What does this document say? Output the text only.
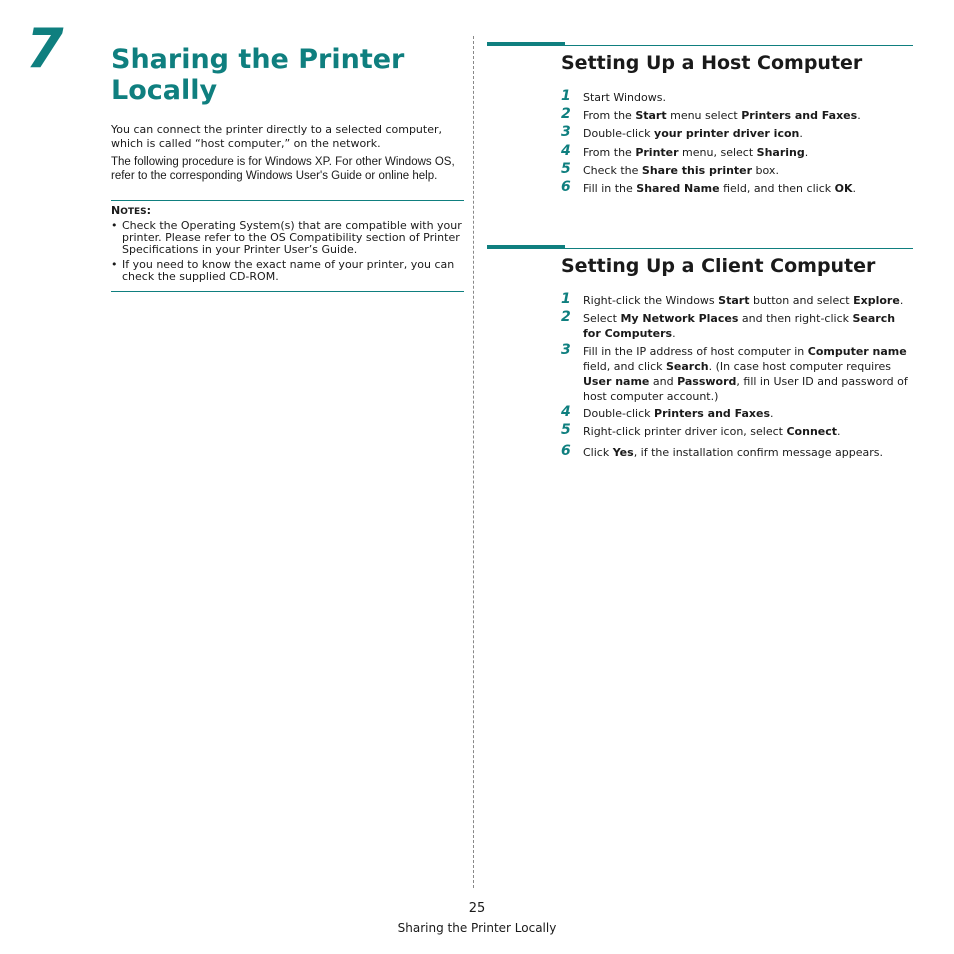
7 Sharing the Printer Locally
You can connect the printer directly to a selected computer, which is called “host computer,” on the network.
The following procedure is for Windows XP. For other Windows OS, refer to the corresponding Windows User's Guide or online help.
NOTES:
• Check the Operating System(s) that are compatible with your printer. Please refer to the OS Compatibility section of Printer Specifications in your Printer User’s Guide.
• If you need to know the exact name of your printer, you can check the supplied CD-ROM.
Setting Up a Host Computer
1 Start Windows.
2 From the Start menu select Printers and Faxes.
3 Double-click your printer driver icon.
4 From the Printer menu, select Sharing.
5 Check the Share this printer box.
6 Fill in the Shared Name field, and then click OK.
Setting Up a Client Computer
1 Right-click the Windows Start button and select Explore.
2 Select My Network Places and then right-click Search for Computers.
3 Fill in the IP address of host computer in Computer name field, and click Search. (In case host computer requires User name and Password, fill in User ID and password of host computer account.)
4 Double-click Printers and Faxes.
5 Right-click printer driver icon, select Connect.
6 Click Yes, if the installation confirm message appears.
25
Sharing the Printer Locally
